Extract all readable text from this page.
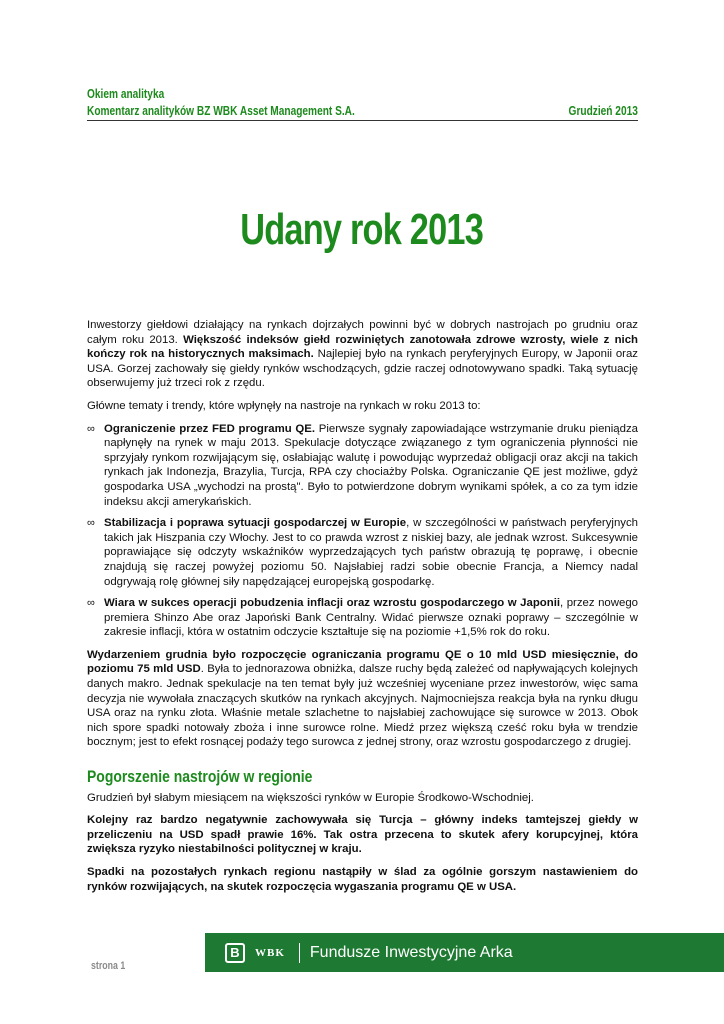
Okiem analityka
Komentarz analityków BZ WBK Asset Management S.A.	Grudzień 2013
Udany rok 2013

Inwestorzy giełdowi działający na rynkach dojrzałych powinni być w dobrych nastrojach po grudniu oraz całym roku 2013. Większość indeksów giełd rozwiniętych zanotowała zdrowe wzrosty, wiele z nich kończy rok na historycznych maksimach. Najlepiej było na rynkach peryferyjnych Europy, w Japonii oraz USA. Gorzej zachowały się giełdy rynków wschodzących, gdzie raczej odnotowywano spadki. Taką sytuację obserwujemy już trzeci rok z rzędu.

Główne tematy i trendy, które wpłynęły na nastroje na rynkach w roku 2013 to:

∞ Ograniczenie przez FED programu QE. Pierwsze sygnały zapowiadające wstrzymanie druku pieniądza napłynęły na rynek w maju 2013. Spekulacje dotyczące związanego z tym ograniczenia płynności nie sprzyjały rynkom rozwijającym się, osłabiając walutę i powodując wyprzedaż obligacji oraz akcji na takich rynkach jak Indonezja, Brazylia, Turcja, RPA czy chociażby Polska. Ograniczanie QE jest możliwe, gdyż gospodarka USA „wychodzi na prostą". Było to potwierdzone dobrym wynikami spółek, a co za tym idzie indeksu akcji amerykańskich.
∞ Stabilizacja i poprawa sytuacji gospodarczej w Europie, w szczególności w państwach peryferyjnych takich jak Hiszpania czy Włochy. Jest to co prawda wzrost z niskiej bazy, ale jednak wzrost. Sukcesywnie poprawiające się odczyty wskaźników wyprzedzających tych państw obrazują tę poprawę, i obecnie znajdują się raczej powyżej poziomu 50. Najsłabiej radzi sobie obecnie Francja, a Niemcy nadal odgrywają rolę głównej siły napędzającej europejską gospodarkę.
∞ Wiara w sukces operacji pobudzenia inflacji oraz wzrostu gospodarczego w Japonii, przez nowego premiera Shinzo Abe oraz Japoński Bank Centralny. Widać pierwsze oznaki poprawy – szczególnie w zakresie inflacji, która w ostatnim odczycie kształtuje się na poziomie +1,5% rok do roku.

Wydarzeniem grudnia było rozpoczęcie ograniczania programu QE o 10 mld USD miesięcznie, do poziomu 75 mld USD. Była to jednorazowa obniżka, dalsze ruchy będą zależeć od napływających kolejnych danych makro. Jednak spekulacje na ten temat były już wcześniej wyceniane przez inwestorów, więc sama decyzja nie wywołała znaczących skutków na rynkach akcyjnych. Najmocniejsza reakcja była na rynku długu USA oraz na rynku złota. Właśnie metale szlachetne to najsłabiej zachowujące się surowce w 2013. Obok nich spore spadki notowały zboża i inne surowce rolne. Miedź przez większą cześć roku była w trendzie bocznym; jest to efekt rosnącej podaży tego surowca z jednej strony, oraz wzrostu gospodarczego z drugiej.

Pogorszenie nastrojów w regionie

Grudzień był słabym miesiącem na większości rynków w Europie Środkowo-Wschodniej.

Kolejny raz bardzo negatywnie zachowywała się Turcja – główny indeks tamtejszej giełdy w przeliczeniu na USD spadł prawie 16%. Tak ostra przecena to skutek afery korupcyjnej, która zwiększa ryzyko niestabilności politycznej w kraju.

Spadki na pozostałych rynkach regionu nastąpiły w ślad za ogólnie gorszym nastawieniem do rynków rozwijających, na skutek rozpoczęcia wygaszania programu QE w USA.

B	WBK Fundusze Inwestycyjne Arka
strona 1
